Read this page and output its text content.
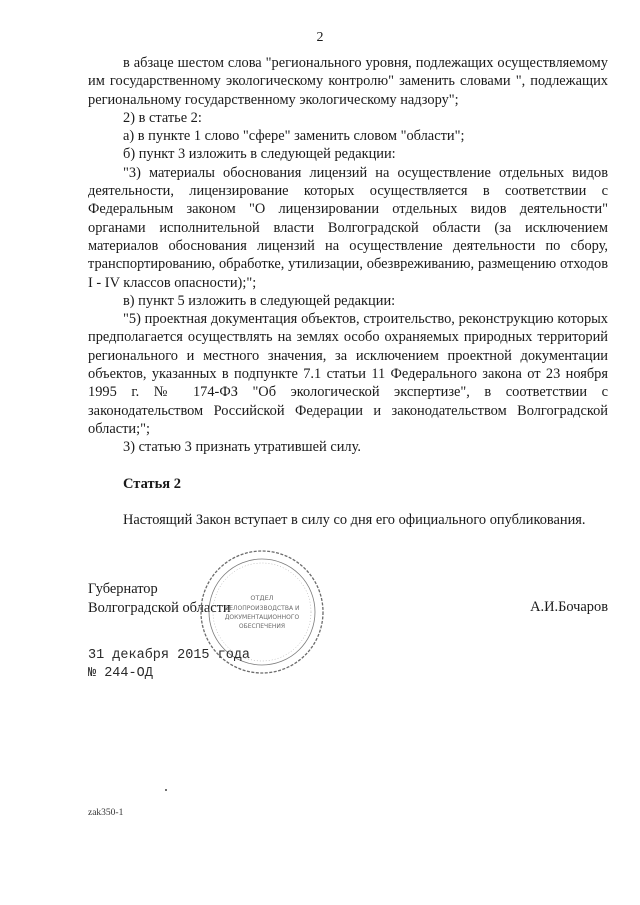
2

в абзаце шестом слова "регионального уровня, подлежащих осуществляемому им государственному экологическому контролю" заменить словами ", подлежащих региональному государственному экологическому надзору";

2) в статье 2:

а) в пункте 1 слово "сфере" заменить словом "области";

б) пункт 3 изложить в следующей редакции:

"3) материалы обоснования лицензий на осуществление отдельных видов деятельности, лицензирование которых осуществляется в соответствии с Федеральным законом "О лицензировании отдельных видов деятельности" органами исполнительной власти Волгоградской области (за исключением материалов обоснования лицензий на осуществление деятельности по сбору, транспортированию, обработке, утилизации, обезвреживанию, размещению отходов I - IV классов опасности);";

в) пункт 5 изложить в следующей редакции:

"5) проектная документация объектов, строительство, реконструкцию которых предполагается осуществлять на землях особо охраняемых природных территорий регионального и местного значения, за исключением проектной документации объектов, указанных в подпункте 7.1 статьи 11 Федерального закона от 23 ноября 1995 г. № 174-ФЗ "Об экологической экспертизе", в соответствии с законодательством Российской Федерации и законодательством Волгоградской области;";

3) статью 3 признать утратившей силу.

Статья 2
Настоящий Закон вступает в силу со дня его официального опубликования.
Губернатор
Волгоградской области
ОТДЕЛ
ДЕЛОПРОИЗВОДСТВА И
ДОКУМЕНТАЦИОННОГО
ОБЕСПЕЧЕНИЯ
А.И.Бочаров
31 декабря 2015 года
№ 244-ОД
zak350-1
